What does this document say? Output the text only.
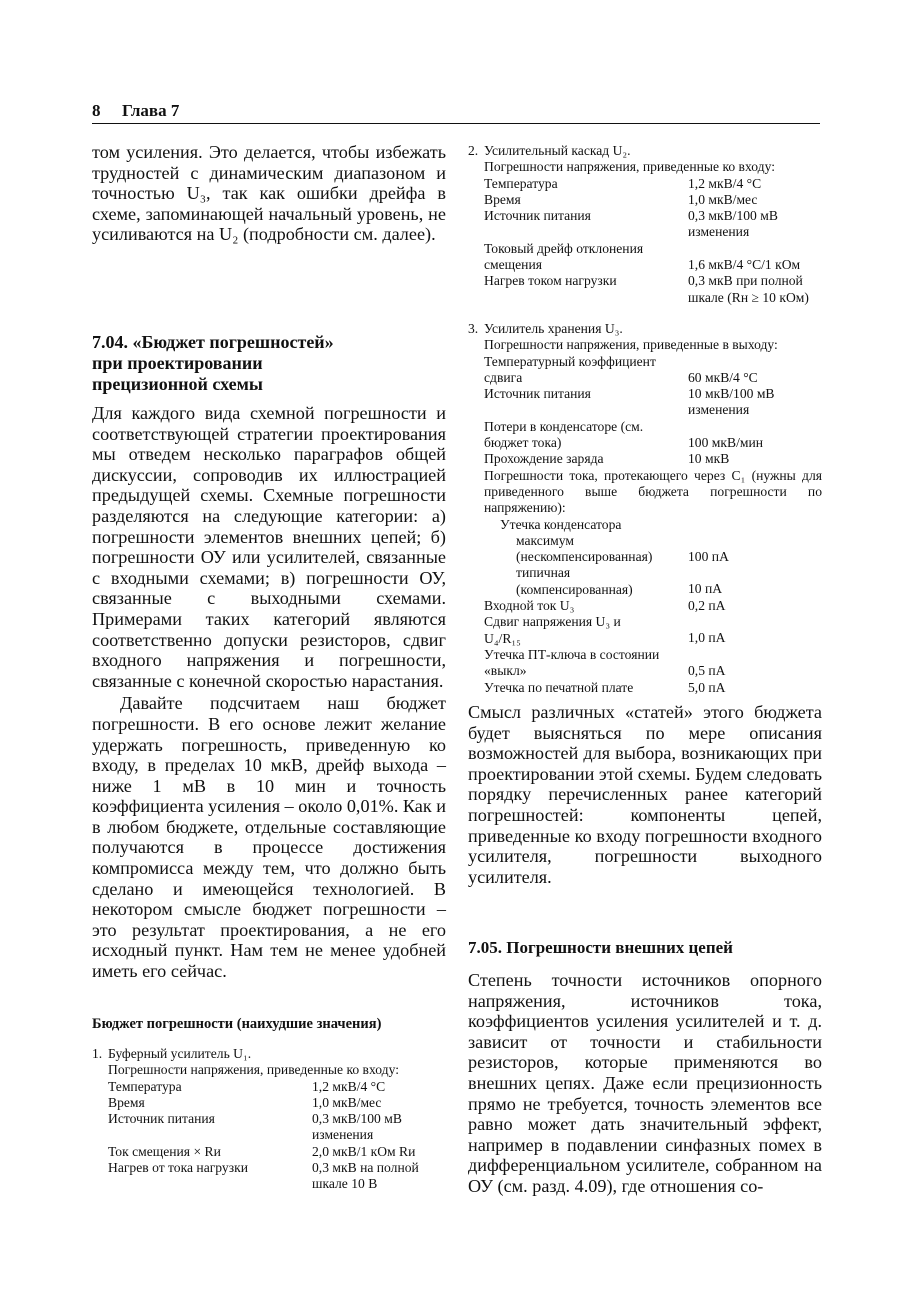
8 Глава 7

том усиления. Это делается, чтобы избежать трудностей с динамическим диапазоном и точностью U₃, так как ошибки дрейфа в схеме, запоминающей начальный уровень, не усиливаются на U₂ (подробности см. далее).

7.04. «Бюджет погрешностей»
при проектировании
прецизионной схемы

Для каждого вида схемной погрешности и соответствующей стратегии проектирования мы отведем несколько параграфов общей дискуссии, сопроводив их иллюстрацией предыдущей схемы. Схемные погрешности разделяются на следующие категории: а) погрешности элементов внешних цепей; б) погрешности ОУ или усилителей, связанные с входными схемами; в) погрешности ОУ, связанные с выходными схемами. Примерами таких категорий являются соответственно допуски резисторов, сдвиг входного напряжения и погрешности, связанные с конечной скоростью нарастания.

Давайте подсчитаем наш бюджет погрешности. В его основе лежит желание удержать погрешность, приведенную ко входу, в пределах 10 мкВ, дрейф выхода – ниже 1 мВ в 10 мин и точность коэффициента усиления – около 0,01%. Как и в любом бюджете, отдельные составляющие получаются в процессе достижения компромисса между тем, что должно быть сделано и имеющейся технологией. В некотором смысле бюджет погрешности – это результат проектирования, а не его исходный пункт. Нам тем не менее удобней иметь его сейчас.

Бюджет погрешности (наихудшие значения)
1. Буферный усилитель U₁.
Погрешности напряжения, приведенные ко входу:
Температура	1,2 мкВ/4 °С
Время	1,0 мкВ/мес
Источник питания	0,3 мкВ/100 мВ изменения
Ток смещения × Rи	2,0 мкВ/1 кОм Rи
Нагрев от тока нагрузки	0,3 мкВ на полной шкале 10 В
2. Усилительный каскад U₂.
Погрешности напряжения, приведенные ко входу:
Температура	1,2 мкВ/4 °С
Время	1,0 мкВ/мес
Источник питания	0,3 мкВ/100 мВ изменения
Токовый дрейф отклонения смещения	1,6 мкВ/4 °С/1 кОм
Нагрев током нагрузки	0,3 мкВ при полной шкале (Rн ≥ 10 кОм)
3. Усилитель хранения U₃.
Погрешности напряжения, приведенные в выходу:
Температурный коэффициент сдвига	60 мкВ/4 °С
Источник питания	10 мкВ/100 мВ изменения
Потери в конденсаторе (см. бюджет тока)	100 мкВ/мин
Прохождение заряда	10 мкВ
Погрешности тока, протекающего через C₁ (нужны для приведенного выше бюджета погрешности по напряжению):
Утечка конденсатора
максимум (нескомпенсированная)	100 пА
типичная (компенсированная)	10 пА
Входной ток U₃	0,2 пА
Сдвиг напряжения U₃ и U₄/R₁₅	1,0 пА
Утечка ПТ-ключа в состоянии «выкл»	0,5 пА
Утечка по печатной плате	5,0 пА

Смысл различных «статей» этого бюджета будет выясняться по мере описания возможностей для выбора, возникающих при проектировании этой схемы. Будем следовать порядку перечисленных ранее категорий погрешностей: компоненты цепей, приведенные ко входу погрешности входного усилителя, погрешности выходного усилителя.

7.05. Погрешности внешних цепей

Степень точности источников опорного напряжения, источников тока, коэффициентов усиления усилителей и т. д. зависит от точности и стабильности резисторов, которые применяются во внешних цепях. Даже если прецизионность прямо не требуется, точность элементов все равно может дать значительный эффект, например в подавлении синфазных помех в дифференциальном усилителе, собранном на ОУ (см. разд. 4.09), где отношения со-
